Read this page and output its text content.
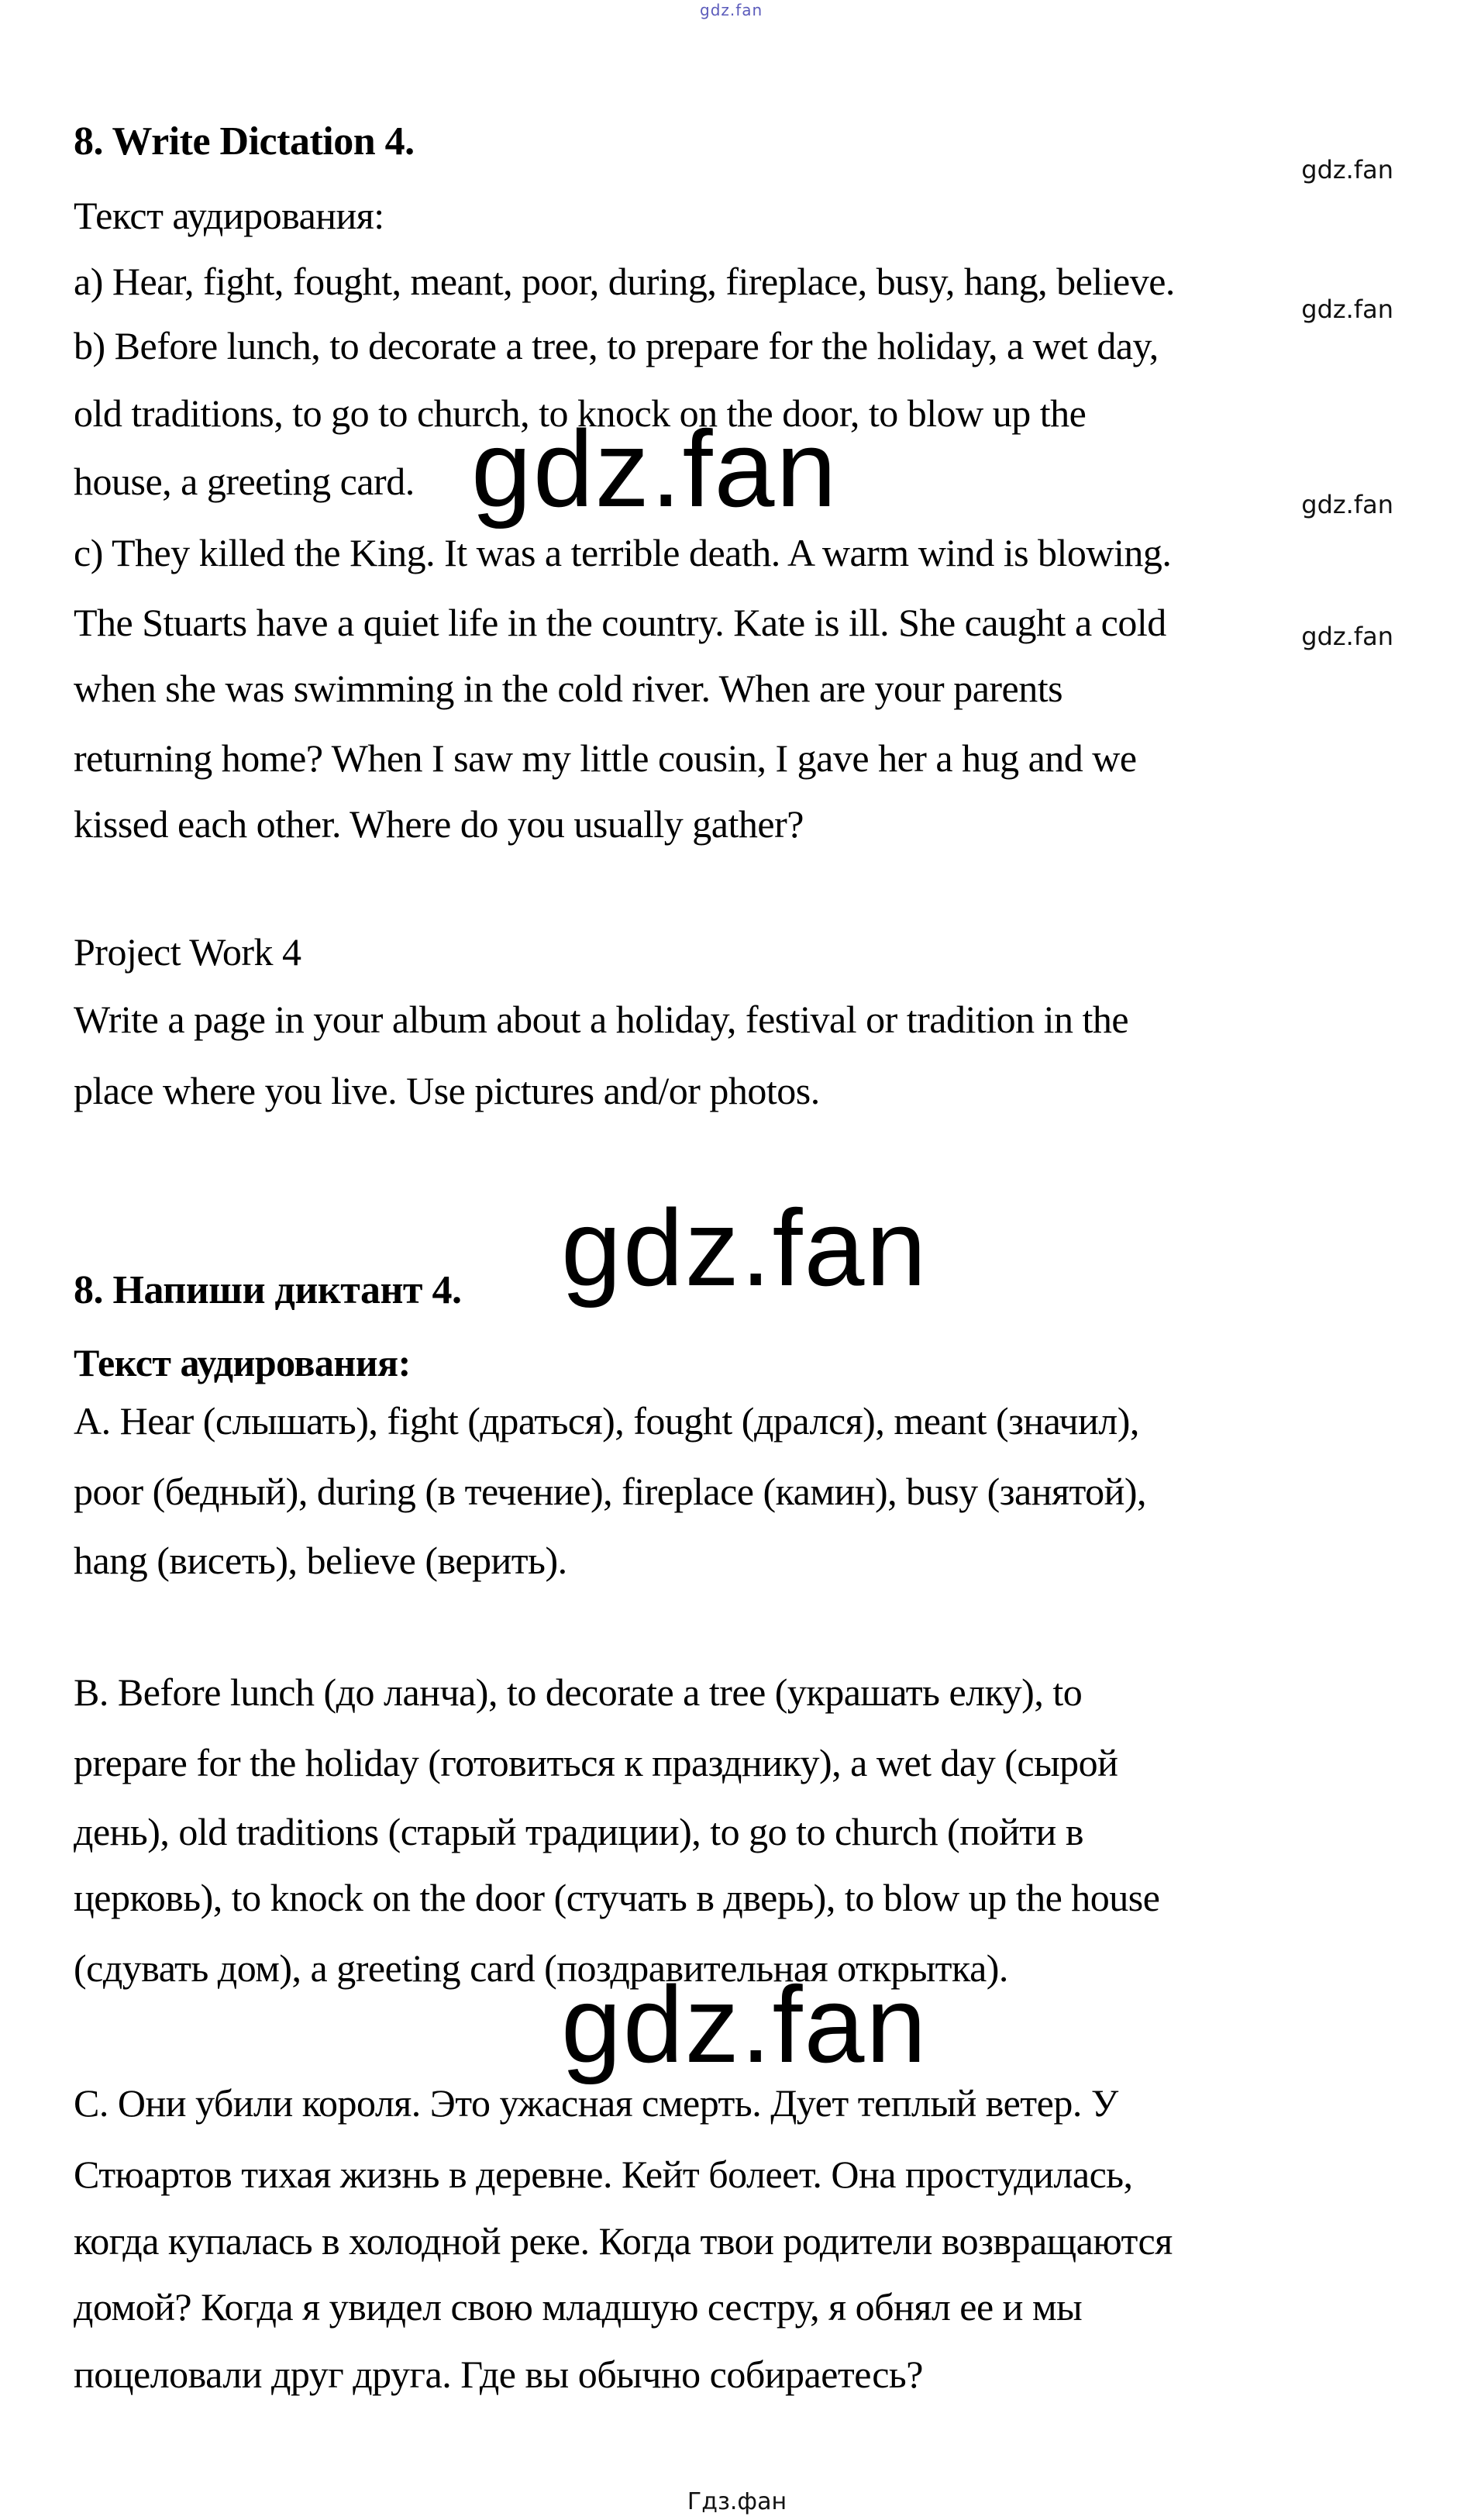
gdz.fan
gdz.fan
gdz.fan
gdz.fan
gdz.fan
gdz.fan
gdz.fan
gdz.fan
8. Write Dictation 4.
Текст аудирования:
a) Hear, fight, fought, meant, poor, during, fireplace, busy, hang, believe.
b) Before lunch, to decorate a tree, to prepare for the holiday, a wet day,
old traditions, to go to church, to knock on the door, to blow up the
house, a greeting card.
c) They killed the King. It was a terrible death. A warm wind is blowing.
The Stuarts have a quiet life in the country. Kate is ill. She caught a cold
when she was swimming in the cold river. When are your parents
returning home? When I saw my little cousin, I gave her a hug and we
kissed each other. Where do you usually gather?
Project Work 4
Write a page in your album about a holiday, festival or tradition in the
place where you live. Use pictures and/or photos.
8. Напиши диктант 4.
Текст аудирования:
A. Hear (слышать), fight (драться), fought (дрался), meant (значил),
poor (бедный), during (в течение), fireplace (камин), busy (занятой),
hang (висеть), believe (верить).
B. Before lunch (до ланча), to decorate a tree (украшать елку), to
prepare for the holiday (готовиться к празднику), a wet day (сырой
день), old traditions (старый традиции), to go to church (пойти в
церковь), to knock on the door (стучать в дверь), to blow up the house
(сдувать дом), a greeting card (поздравительная открытка).
C. Они убили короля. Это ужасная смерть. Дует теплый ветер. У
Стюартов тихая жизнь в деревне. Кейт болеет. Она простудилась,
когда купалась в холодной реке. Когда твои родители возвращаются
домой? Когда я увидел свою младшую сестру, я обнял ее и мы
поцеловали друг друга. Где вы обычно собираетесь?
Гдз.фан
